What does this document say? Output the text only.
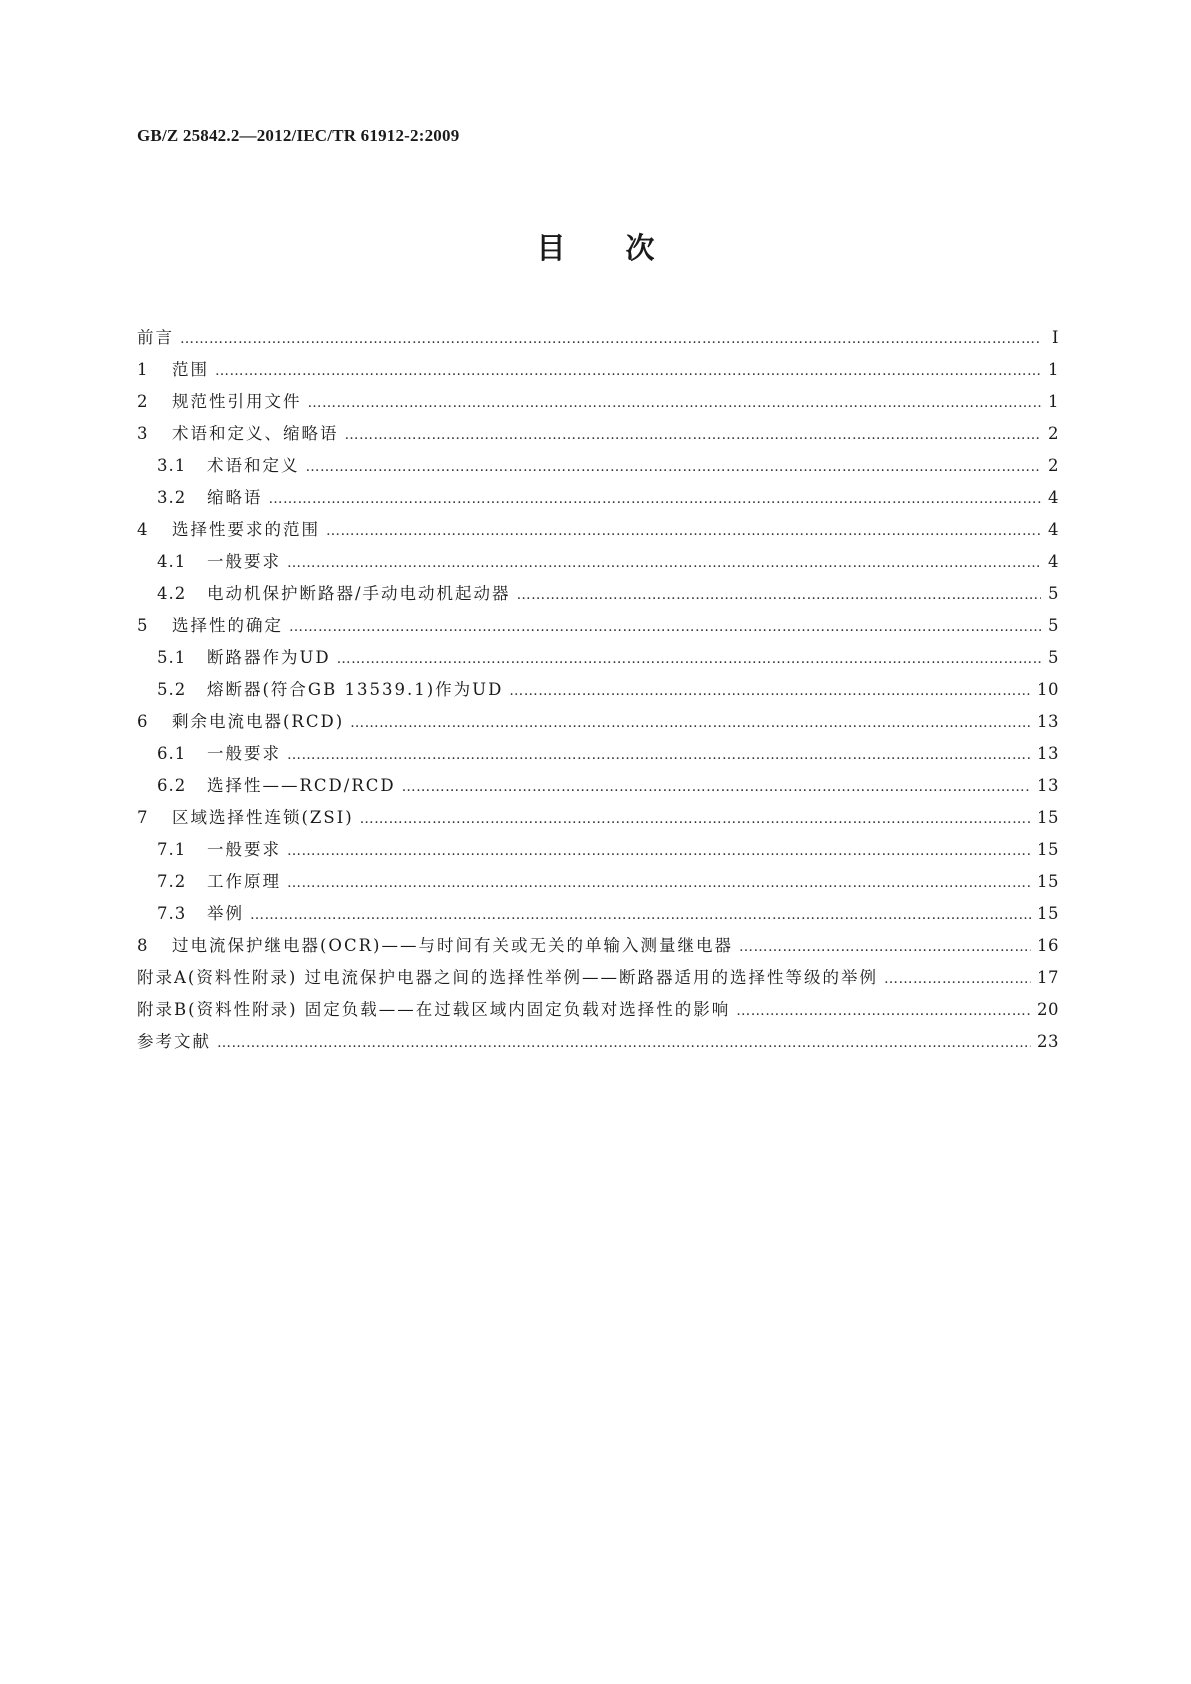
GB/Z 25842.2—2012/IEC/TR 61912-2:2009
目次
前言 …………………………………………………………………………………………………………………………………………………………………………………………………………………………………………………………………………………………	Ⅰ
1	范围 …………………………………………………………………………………………………………………………………………………………………………………………………………………………………………………………………………………………	1
2	规范性引用文件 …………………………………………………………………………………………………………………………………………………………………………………………………………………………………………………………………………………………	1
3	术语和定义、缩略语 …………………………………………………………………………………………………………………………………………………………………………………………………………………………………………………………………………………………	2
3.1	术语和定义 …………………………………………………………………………………………………………………………………………………………………………………………………………………………………………………………………………………………	2
3.2	缩略语 …………………………………………………………………………………………………………………………………………………………………………………………………………………………………………………………………………………………	4
4	选择性要求的范围 …………………………………………………………………………………………………………………………………………………………………………………………………………………………………………………………………………………………	4
4.1	一般要求 …………………………………………………………………………………………………………………………………………………………………………………………………………………………………………………………………………………………	4
4.2	电动机保护断路器/手动电动机起动器 …………………………………………………………………………………………………………………………………………………………………………………………………………………………………………………………………………………………	5
5	选择性的确定 …………………………………………………………………………………………………………………………………………………………………………………………………………………………………………………………………………………………	5
5.1	断路器作为UD …………………………………………………………………………………………………………………………………………………………………………………………………………………………………………………………………………………………	5
5.2	熔断器(符合GB 13539.1)作为UD …………………………………………………………………………………………………………………………………………………………………………………………………………………………………………………………………………………………	10
6	剩余电流电器(RCD) …………………………………………………………………………………………………………………………………………………………………………………………………………………………………………………………………………………………	13
6.1	一般要求 …………………………………………………………………………………………………………………………………………………………………………………………………………………………………………………………………………………………	13
6.2	选择性——RCD/RCD …………………………………………………………………………………………………………………………………………………………………………………………………………………………………………………………………………………………	13
7	区域选择性连锁(ZSI) …………………………………………………………………………………………………………………………………………………………………………………………………………………………………………………………………………………………	15
7.1	一般要求 …………………………………………………………………………………………………………………………………………………………………………………………………………………………………………………………………………………………	15
7.2	工作原理 …………………………………………………………………………………………………………………………………………………………………………………………………………………………………………………………………………………………	15
7.3	举例 …………………………………………………………………………………………………………………………………………………………………………………………………………………………………………………………………………………………	15
8	过电流保护继电器(OCR)——与时间有关或无关的单输入测量继电器 …………………………………………………………………………………………………………………………………………………………………………………………………………………………………………………………………………………………	16
附录A(资料性附录) 过电流保护电器之间的选择性举例——断路器适用的选择性等级的举例 …………………………………………………………………………………………………………………………………………………………………………………………………………………………………………………………………………………………	17
附录B(资料性附录) 固定负载——在过载区域内固定负载对选择性的影响 …………………………………………………………………………………………………………………………………………………………………………………………………………………………………………………………………………………………	20
参考文献 …………………………………………………………………………………………………………………………………………………………………………………………………………………………………………………………………………………………	23
